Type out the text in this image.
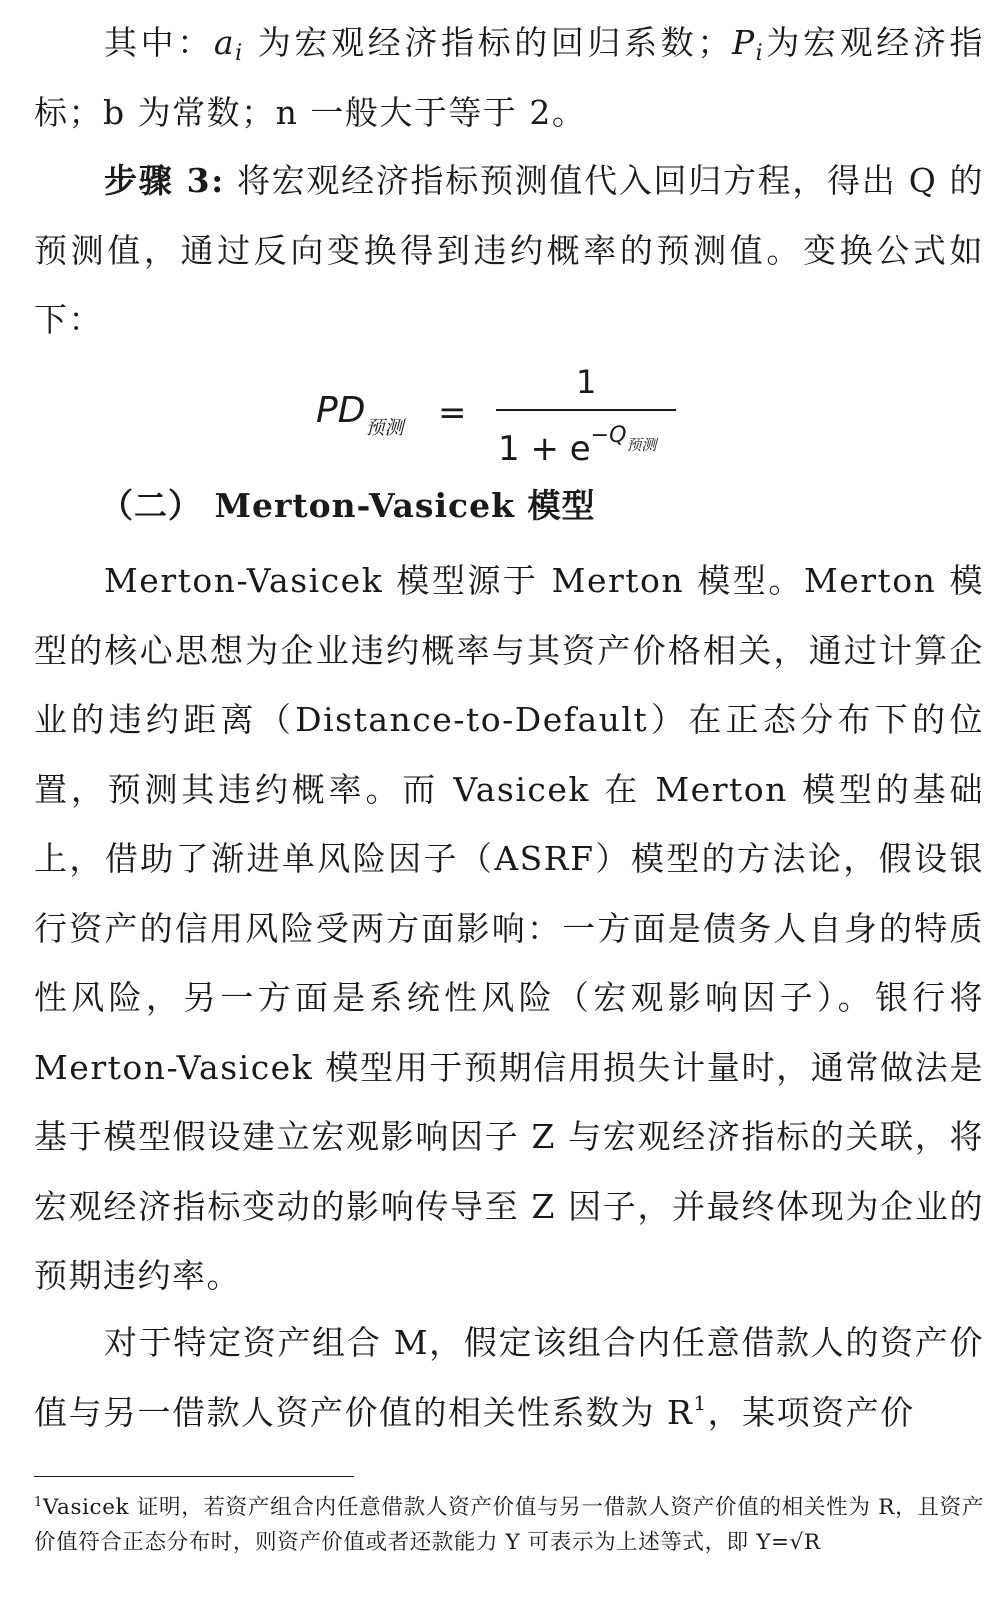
其中：$a_i$ 为宏观经济指标的回归系数；$P_i$为宏观经济指标；b 为常数；n 一般大于等于 2。

步骤 3: 将宏观经济指标预测值代入回归方程，得出 Q 的预测值，通过反向变换得到违约概率的预测值。变换公式如下：

$PD_{预测}$ =
1
$1 + e^{-Q_{预测}}$
（二） Merton-Vasicek 模型

Merton-Vasicek 模型源于 Merton 模型。Merton 模型的核心思想为企业违约概率与其资产价格相关，通过计算企业的违约距离（Distance-to-Default）在正态分布下的位置，预测其违约概率。而 Vasicek 在 Merton 模型的基础上，借助了渐进单风险因子（ASRF）模型的方法论，假设银行资产的信用风险受两方面影响：一方面是债务人自身的特质性风险，另一方面是系统性风险（宏观影响因子）。银行将 Merton-Vasicek 模型用于预期信用损失计量时，通常做法是基于模型假设建立宏观影响因子 Z 与宏观经济指标的关联，将宏观经济指标变动的影响传导至 Z 因子，并最终体现为企业的预期违约率。

对于特定资产组合 M，假定该组合内任意借款人的资产价值与另一借款人资产价值的相关性系数为 $R^1$，某项资产价

$^1$Vasicek 证明，若资产组合内任意借款人资产价值与另一借款人资产价值的相关性为 R，且资产价值符合正态分布时，则资产价值或者还款能力 Y 可表示为上述等式，即 Y=√R
